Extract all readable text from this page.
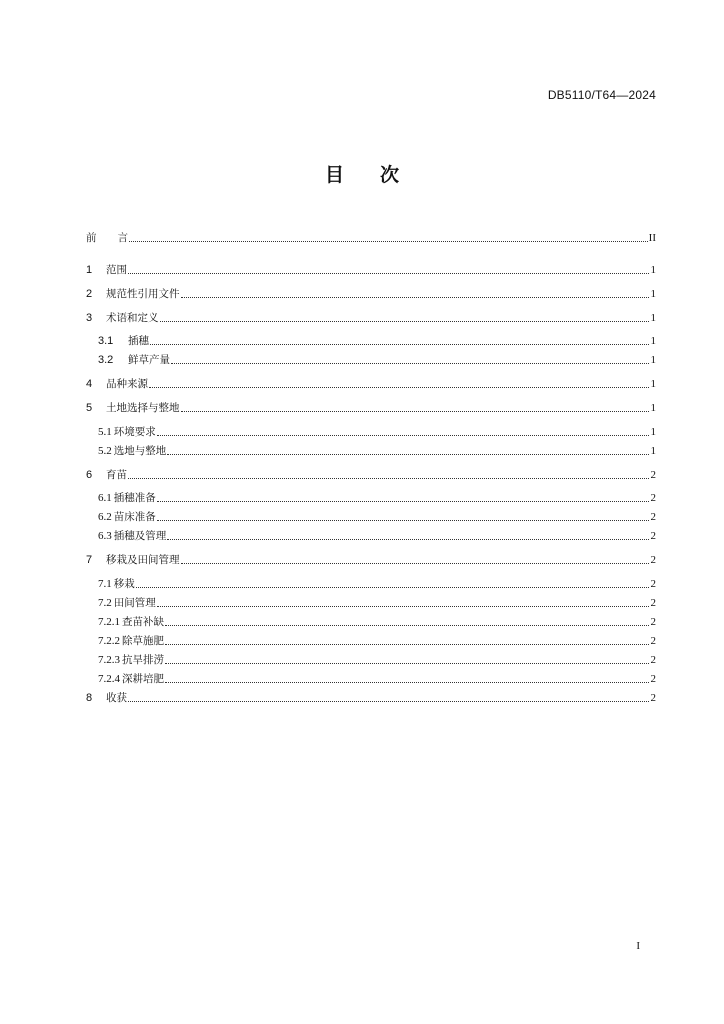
DB5110/T64—2024
目 次
前　　言	II
1	范围	1
2	规范性引用文件	1
3	术语和定义	1
3.1	插穗	1
3.2	鲜草产量	1
4	品种来源	1
5	土地选择与整地	1
5.1 环境要求	1
5.2 选地与整地	1
6	育苗	2
6.1 插穗准备	2
6.2 苗床准备	2
6.3 插穗及管理	2
7	移栽及田间管理	2
7.1 移栽	2
7.2 田间管理	2
7.2.1 查苗补缺	2
7.2.2 除草施肥	2
7.2.3 抗旱排涝	2
7.2.4 深耕培肥	2
8	收获	2
I
